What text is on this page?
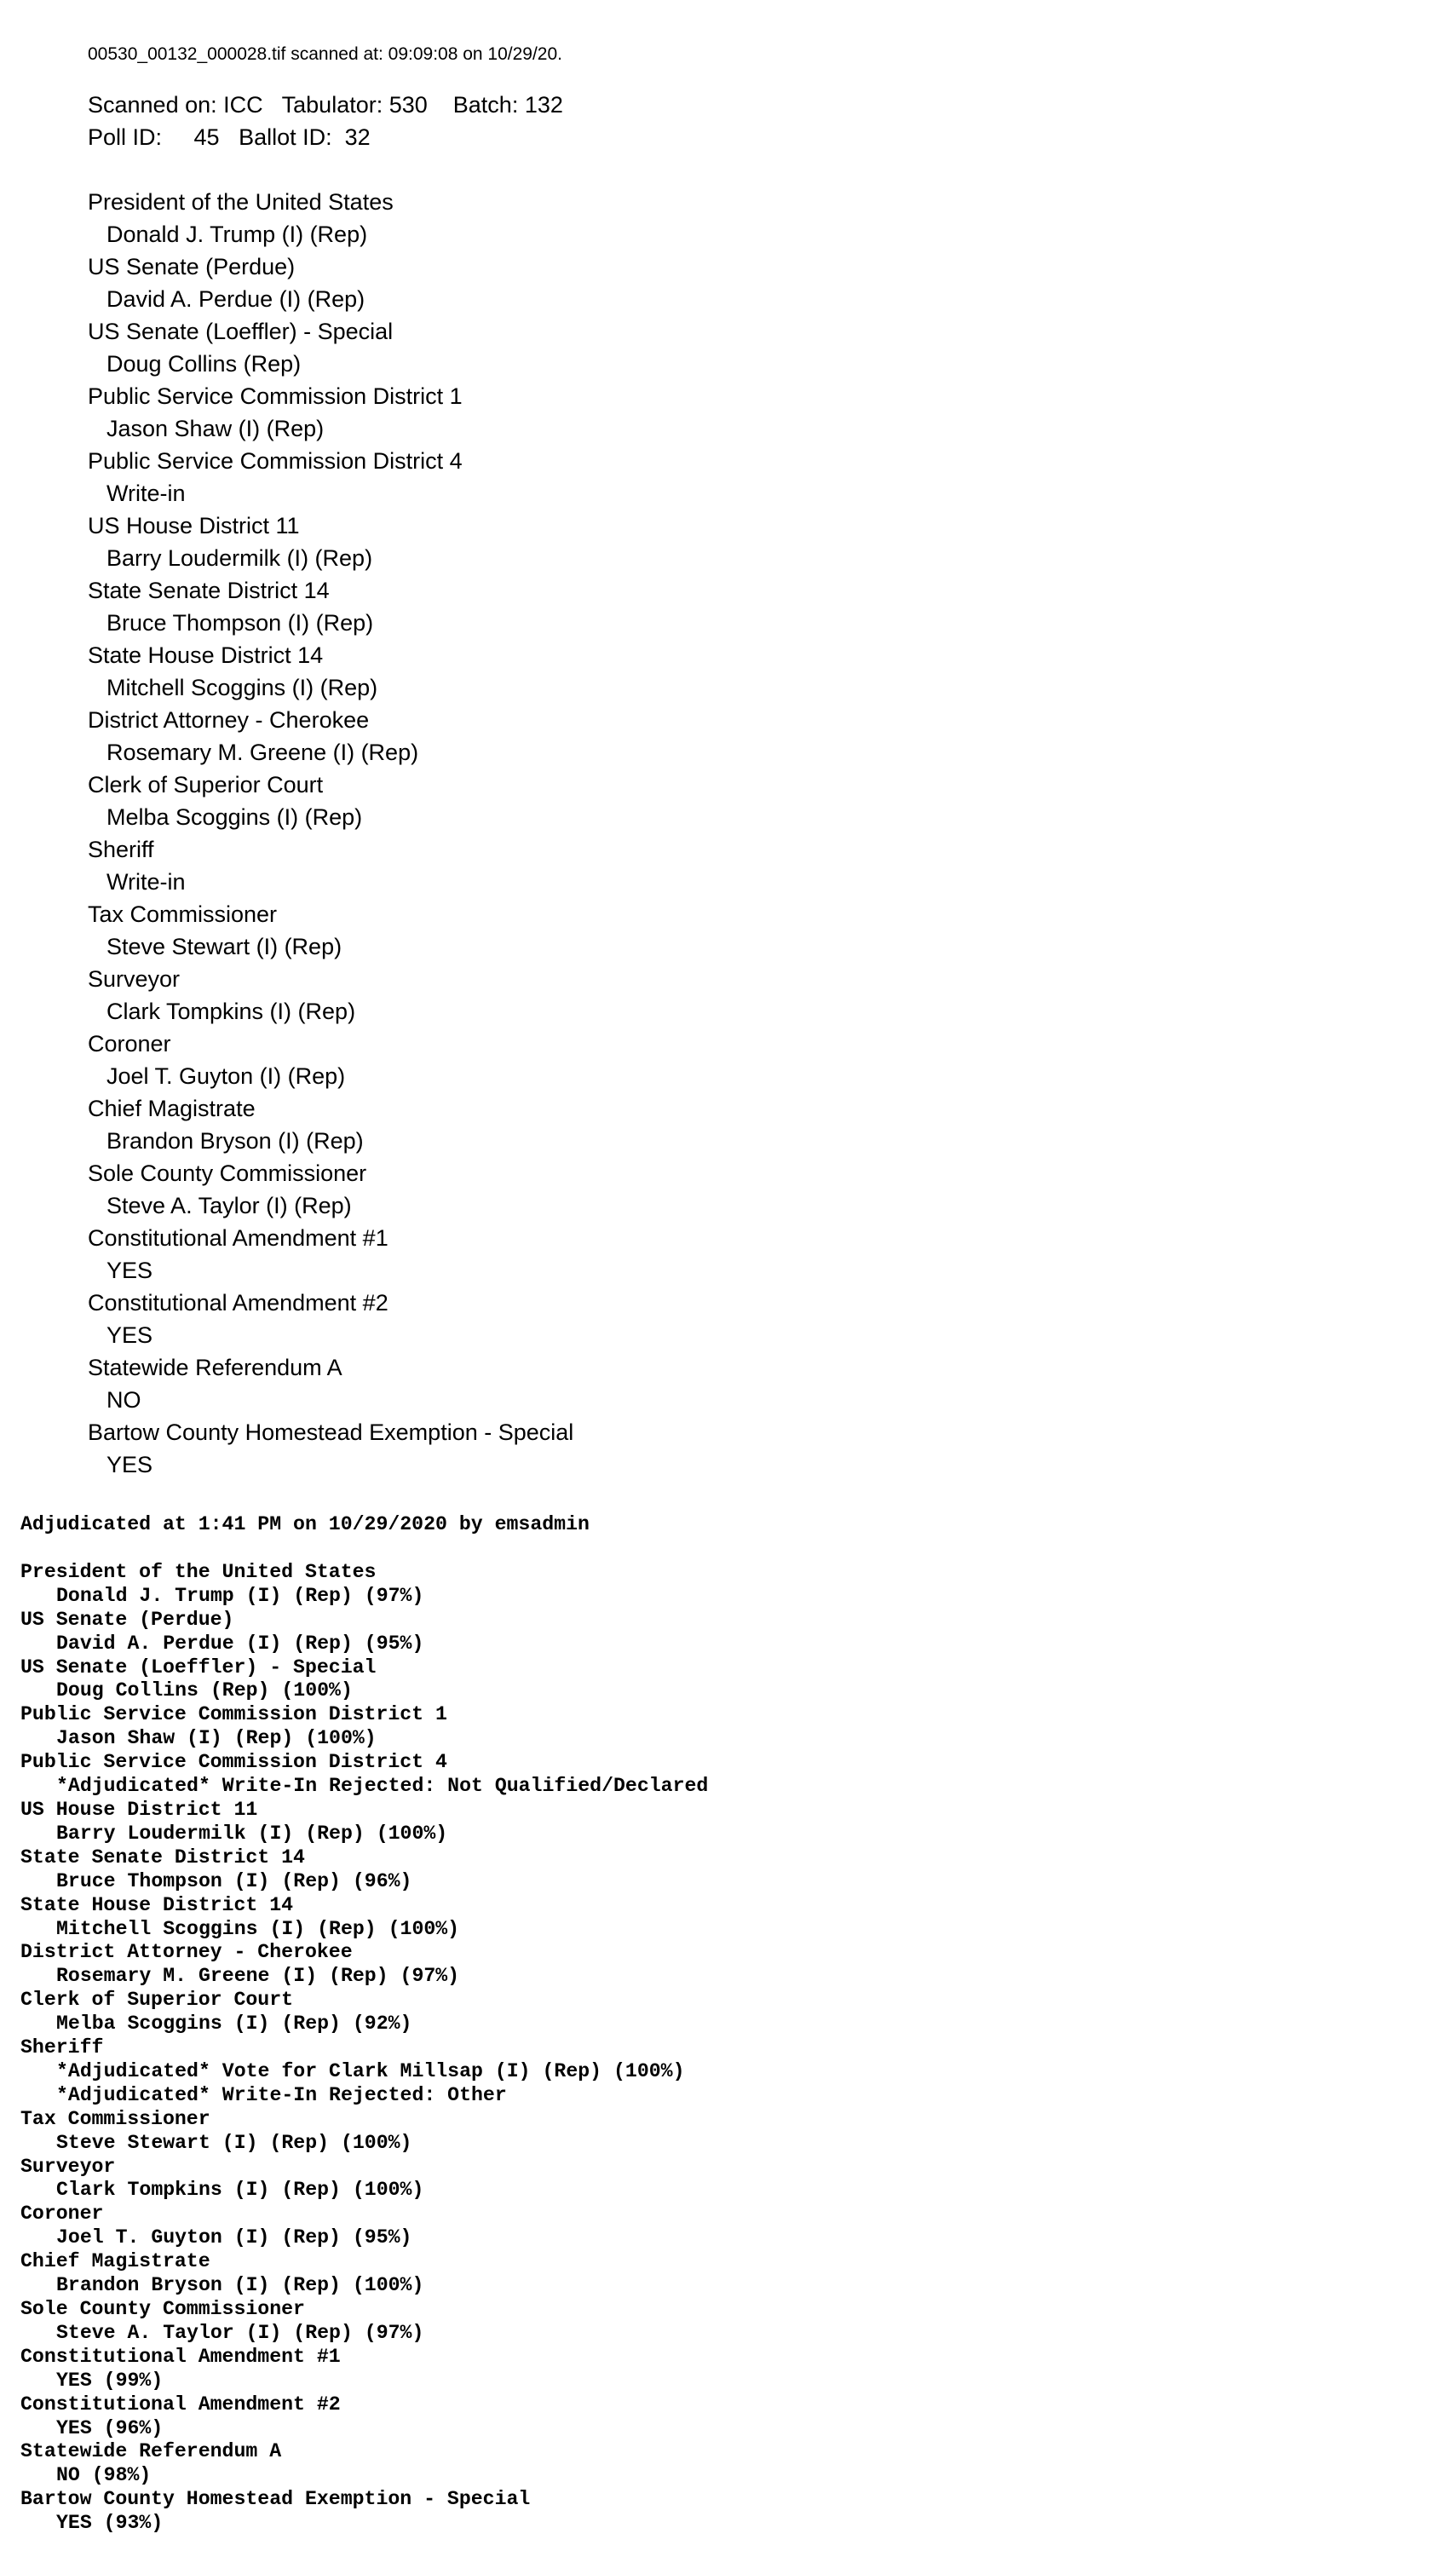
00530_00132_000028.tif scanned at: 09:09:08 on 10/29/20.
Scanned on: ICC   Tabulator: 530    Batch: 132
Poll ID:     45   Ballot ID:  32
President of the United States
Donald J. Trump (I) (Rep)
US Senate (Perdue)
David A. Perdue (I) (Rep)
US Senate (Loeffler) - Special
Doug Collins (Rep)
Public Service Commission District 1
Jason Shaw (I) (Rep)
Public Service Commission District 4
Write-in
US House District 11
Barry Loudermilk (I) (Rep)
State Senate District 14
Bruce Thompson (I) (Rep)
State House District 14
Mitchell Scoggins (I) (Rep)
District Attorney - Cherokee
Rosemary M. Greene (I) (Rep)
Clerk of Superior Court
Melba Scoggins (I) (Rep)
Sheriff
Write-in
Tax Commissioner
Steve Stewart (I) (Rep)
Surveyor
Clark Tompkins (I) (Rep)
Coroner
Joel T. Guyton (I) (Rep)
Chief Magistrate
Brandon Bryson (I) (Rep)
Sole County Commissioner
Steve A. Taylor (I) (Rep)
Constitutional Amendment #1
YES
Constitutional Amendment #2
YES
Statewide Referendum A
NO
Bartow County Homestead Exemption - Special
YES
Adjudicated at 1:41 PM on 10/29/2020 by emsadmin
President of the United States
Donald J. Trump (I) (Rep) (97%)
US Senate (Perdue)
David A. Perdue (I) (Rep) (95%)
US Senate (Loeffler) - Special
Doug Collins (Rep) (100%)
Public Service Commission District 1
Jason Shaw (I) (Rep) (100%)
Public Service Commission District 4
*Adjudicated* Write-In Rejected: Not Qualified/Declared
US House District 11
Barry Loudermilk (I) (Rep) (100%)
State Senate District 14
Bruce Thompson (I) (Rep) (96%)
State House District 14
Mitchell Scoggins (I) (Rep) (100%)
District Attorney - Cherokee
Rosemary M. Greene (I) (Rep) (97%)
Clerk of Superior Court
Melba Scoggins (I) (Rep) (92%)
Sheriff
*Adjudicated* Vote for Clark Millsap (I) (Rep) (100%)
*Adjudicated* Write-In Rejected: Other
Tax Commissioner
Steve Stewart (I) (Rep) (100%)
Surveyor
Clark Tompkins (I) (Rep) (100%)
Coroner
Joel T. Guyton (I) (Rep) (95%)
Chief Magistrate
Brandon Bryson (I) (Rep) (100%)
Sole County Commissioner
Steve A. Taylor (I) (Rep) (97%)
Constitutional Amendment #1
YES (99%)
Constitutional Amendment #2
YES (96%)
Statewide Referendum A
NO (98%)
Bartow County Homestead Exemption - Special
YES (93%)
